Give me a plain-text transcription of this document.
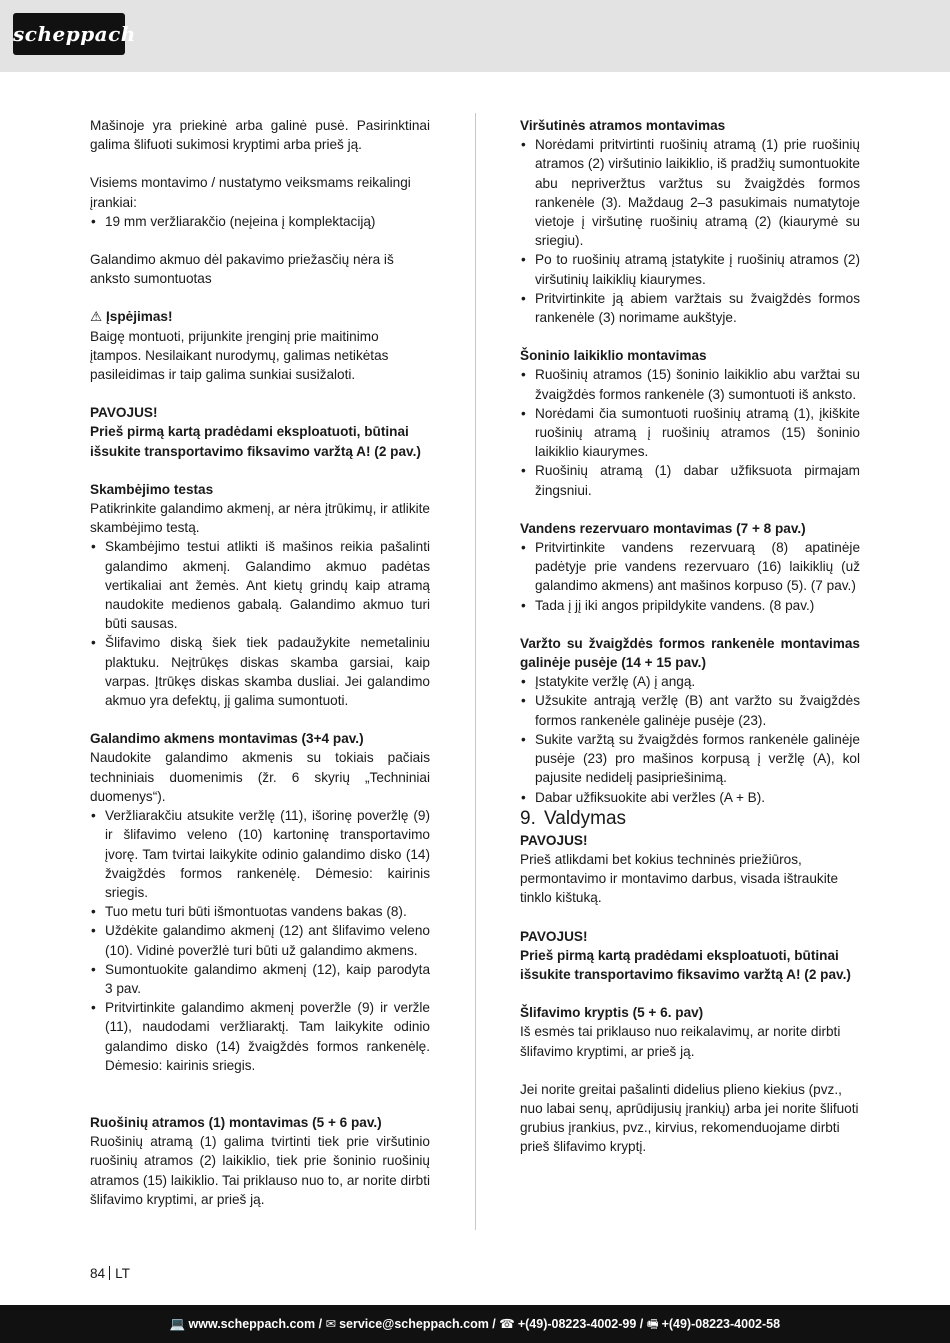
scheppach

Mašinoje yra priekinė arba galinė pusė. Pasirinktinai galima šlifuoti sukimosi kryptimi arba prieš ją.

Visiems montavimo / nustatymo veiksmams reikalingi įrankiai:

• 19 mm veržliarakčio (neįeina į komplektaciją)

Galandimo akmuo dėl pakavimo priežasčių nėra iš anksto sumontuotas

⚠ Įspėjimas!

Baigę montuoti, prijunkite įrenginį prie maitinimo įtampos. Nesilaikant nurodymų, galimas netikėtas pasileidimas ir taip galima sunkiai susižaloti.

PAVOJUS!

Prieš pirmą kartą pradėdami eksploatuoti, būtinai išsukite transportavimo fiksavimo varžtą A! (2 pav.)

Skambėjimo testas

Patikrinkite galandimo akmenį, ar nėra įtrūkimų, ir atlikite skambėjimo testą.

• Skambėjimo testui atlikti iš mašinos reikia pašalinti galandimo akmenį. Galandimo akmuo padėtas vertikaliai ant žemės. Ant kietų grindų kaip atramą naudokite medienos gabalą. Galandimo akmuo turi būti sausas.
• Šlifavimo diską šiek tiek padaužykite nemetaliniu plaktuku. Neįtrūkęs diskas skamba garsiai, kaip varpas. Įtrūkęs diskas skamba dusliai. Jei galandimo akmuo yra defektų, jį galima sumontuoti.

Galandimo akmens montavimas (3+4 pav.)

Naudokite galandimo akmenis su tokiais pačiais techniniais duomenimis (žr. 6 skyrių „Techniniai duomenys“).

• Veržliarakčiu atsukite veržlę (11), išorinę poveržlę (9) ir šlifavimo veleno (10) kartoninę transportavimo įvorę. Tam tvirtai laikykite odinio galandimo disko (14) žvaigždės formos rankenėlę. Dėmesio: kairinis sriegis.
• Tuo metu turi būti išmontuotas vandens bakas (8).
• Uždėkite galandimo akmenį (12) ant šlifavimo veleno (10). Vidinė poveržlė turi būti už galandimo akmens.
• Sumontuokite galandimo akmenį (12), kaip parodyta 3 pav.
• Pritvirtinkite galandimo akmenį poveržle (9) ir veržle (11), naudodami veržliaraktį. Tam laikykite odinio galandimo disko (14) žvaigždės formos rankenėlę. Dėmesio: kairinis sriegis.

Ruošinių atramos (1) montavimas (5 + 6 pav.)

Ruošinių atramą (1) galima tvirtinti tiek prie viršutinio ruošinių atramos (2) laikiklio, tiek prie šoninio ruošinių atramos (15) laikiklio. Tai priklauso nuo to, ar norite dirbti šlifavimo kryptimi, ar prieš ją.

Viršutinės atramos montavimas

• Norėdami pritvirtinti ruošinių atramą (1) prie ruošinių atramos (2) viršutinio laikiklio, iš pradžių sumontuokite abu nepriveržtus varžtus su žvaigždės formos rankenėle (3). Maždaug 2–3 pasukimais numatytoje vietoje į viršutinę ruošinių atramą (2) (kiaurymė su sriegiu).
• Po to ruošinių atramą įstatykite į ruošinių atramos (2) viršutinių laikiklių kiaurymes.
• Pritvirtinkite ją abiem varžtais su žvaigždės formos rankenėle (3) norimame aukštyje.

Šoninio laikiklio montavimas

• Ruošinių atramos (15) šoninio laikiklio abu varžtai su žvaigždės formos rankenėle (3) sumontuoti iš anksto.
• Norėdami čia sumontuoti ruošinių atramą (1), įkiškite ruošinių atramą į ruošinių atramos (15) šoninio laikiklio kiaurymes.
• Ruošinių atramą (1) dabar užfiksuota pirmajam žingsniui.

Vandens rezervuaro montavimas (7 + 8 pav.)

• Pritvirtinkite vandens rezervuarą (8) apatinėje padėtyje prie vandens rezervuaro (16) laikiklių (už galandimo akmens) ant mašinos korpuso (5). (7 pav.)
• Tada į jį iki angos pripildykite vandens. (8 pav.)

Varžto su žvaigždės formos rankenėle montavimas galinėje pusėje (14 + 15 pav.)

• Įstatykite veržlę (A) į angą.
• Užsukite antrąją veržlę (B) ant varžto su žvaigždės formos rankenėle galinėje pusėje (23).
• Sukite varžtą su žvaigždės formos rankenėle galinėje pusėje (23) pro mašinos korpusą į veržlę (A), kol pajusite nedidelį pasipriešinimą.
• Dabar užfiksuokite abi veržles (A + B).

9. Valdymas

PAVOJUS!

Prieš atlikdami bet kokius techninės priežiūros, permontavimo ir montavimo darbus, visada ištraukite tinklo kištuką.

PAVOJUS!

Prieš pirmą kartą pradėdami eksploatuoti, būtinai išsukite transportavimo fiksavimo varžtą A! (2 pav.)

Šlifavimo kryptis (5 + 6. pav)

Iš esmės tai priklauso nuo reikalavimų, ar norite dirbti šlifavimo kryptimi, ar prieš ją.

Jei norite greitai pašalinti didelius plieno kiekius (pvz., nuo labai senų, aprūdijusių įrankių) arba jei norite šlifuoti grubius įrankius, pvz., kirvius, rekomenduojame dirbti prieš šlifavimo kryptį.

84 LT
💻 www.scheppach.com / ✉ service@scheppach.com / ☎ +(49)-08223-4002-99 / 🖷 +(49)-08223-4002-58
